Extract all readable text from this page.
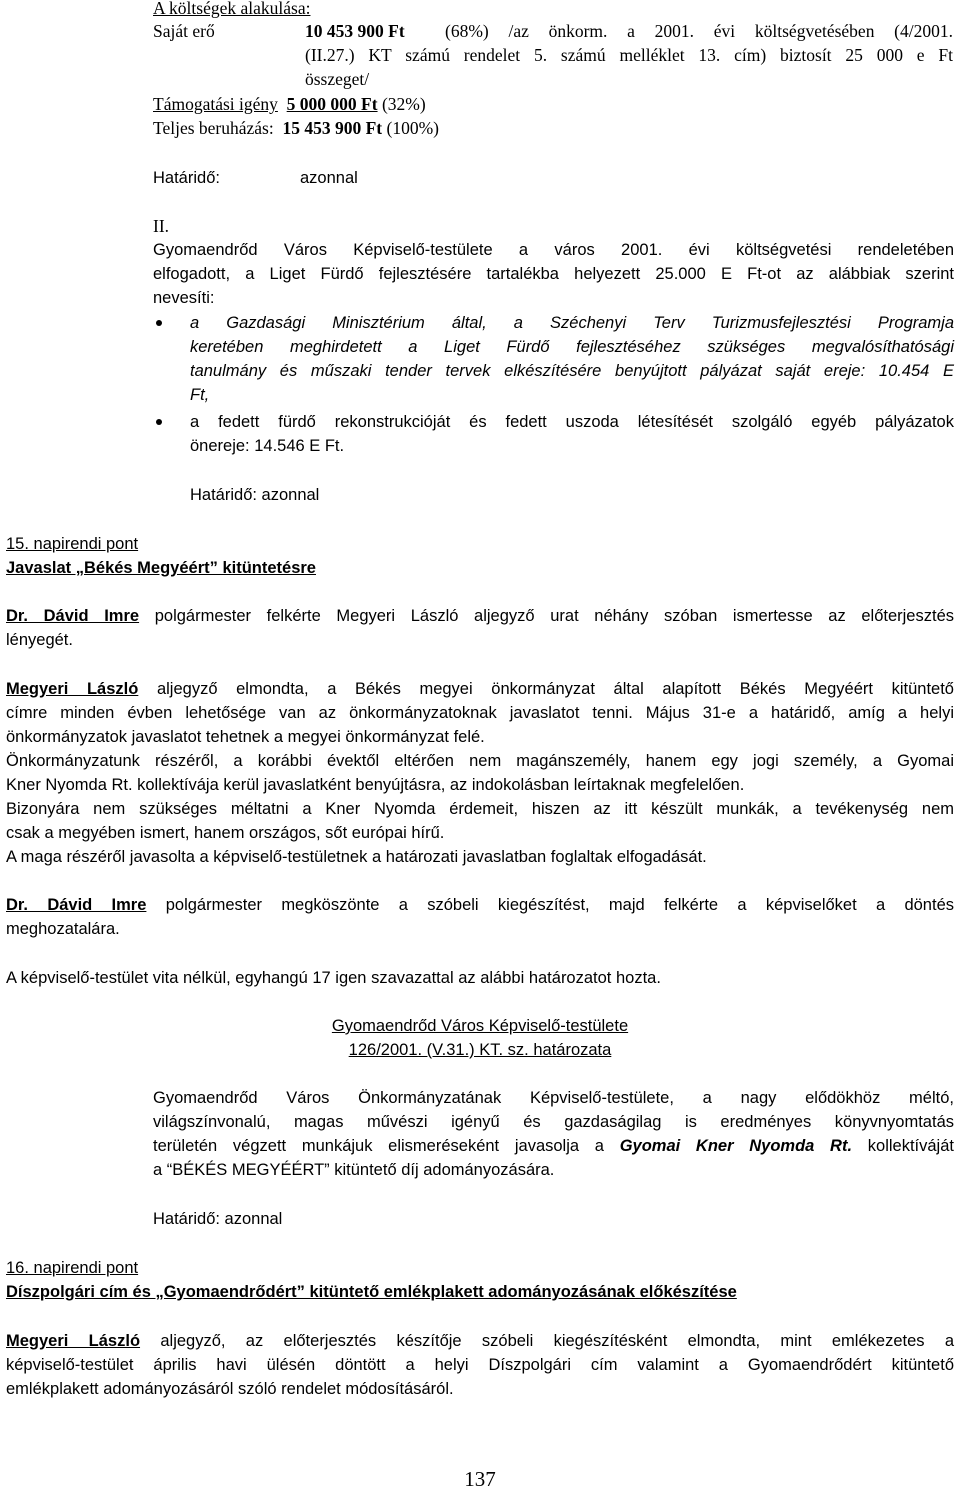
A költségek alakulása:
Saját erő	10 453 900 Ft (68%) /az önkorm. a 2001. évi költségvetésében (4/2001.
(II.27.) KT számú rendelet 5. számú melléklet 13. cím) biztosít 25 000 e Ft
összeget/
Támogatási igény 5 000 000 Ft (32%)
Teljes beruházás: 15 453 900 Ft (100%)
Határidő:	azonnal
II.
Gyomaendrőd Város Képviselő-testülete a város 2001. évi költségvetési rendeletében
elfogadott, a Liget Fürdő fejlesztésére tartalékba helyezett 25.000 E Ft-ot az alábbiak szerint
nevesíti:
a Gazdasági Minisztérium által, a Széchenyi Terv Turizmusfejlesztési Programja
keretében meghirdetett a Liget Fürdő fejlesztéséhez szükséges megvalósíthatósági
tanulmány és műszaki tender tervek elkészítésére benyújtott pályázat saját ereje: 10.454 E
Ft,
a fedett fürdő rekonstrukcióját és fedett uszoda létesítését szolgáló egyéb pályázatok
önereje: 14.546 E Ft.
Határidő: azonnal
15. napirendi pont
Javaslat „Békés Megyéért” kitüntetésre
Dr. Dávid Imre polgármester felkérte Megyeri László aljegyző urat néhány szóban ismertesse az előterjesztés
lényegét.
Megyeri László aljegyző elmondta, a Békés megyei önkormányzat által alapított Békés Megyéért kitüntető
címre minden évben lehetősége van az önkormányzatoknak javaslatot tenni. Május 31-e a határidő, amíg a helyi
önkormányzatok javaslatot tehetnek a megyei önkormányzat felé.
Önkormányzatunk részéről, a korábbi évektől eltérően nem magánszemély, hanem egy jogi személy, a Gyomai
Kner Nyomda Rt. kollektívája kerül javaslatként benyújtásra, az indokolásban leírtaknak megfelelően.
Bizonyára nem szükséges méltatni a Kner Nyomda érdemeit, hiszen az itt készült munkák, a tevékenység nem
csak a megyében ismert, hanem országos, sőt európai hírű.
A maga részéről javasolta a képviselő-testületnek a határozati javaslatban foglaltak elfogadását.
Dr. Dávid Imre polgármester megköszönte a szóbeli kiegészítést, majd felkérte a képviselőket a döntés
meghozatalára.
A képviselő-testület vita nélkül, egyhangú 17 igen szavazattal az alábbi határozatot hozta.
Gyomaendrőd Város Képviselő-testülete
126/2001. (V.31.) KT. sz. határozata
Gyomaendrőd Város Önkormányzatának Képviselő-testülete, a nagy elődökhöz méltó,
világszínvonalú, magas művészi igényű és gazdaságilag is eredményes könyvnyomtatás
területén végzett munkájuk elismeréseként javasolja a Gyomai Kner Nyomda Rt. kollektíváját
a “BÉKÉS MEGYÉÉRT” kitüntető díj adományozására.
Határidő: azonnal
16. napirendi pont
Díszpolgári cím és „Gyomaendrődért” kitüntető emlékplakett adományozásának előkészítése
Megyeri László aljegyző, az előterjesztés készítője szóbeli kiegészítésként elmondta, mint emlékezetes a
képviselő-testület április havi ülésén döntött a helyi Díszpolgári cím valamint a Gyomaendrődért kitüntető
emlékplakett adományozásáról szóló rendelet módosításáról.
137
